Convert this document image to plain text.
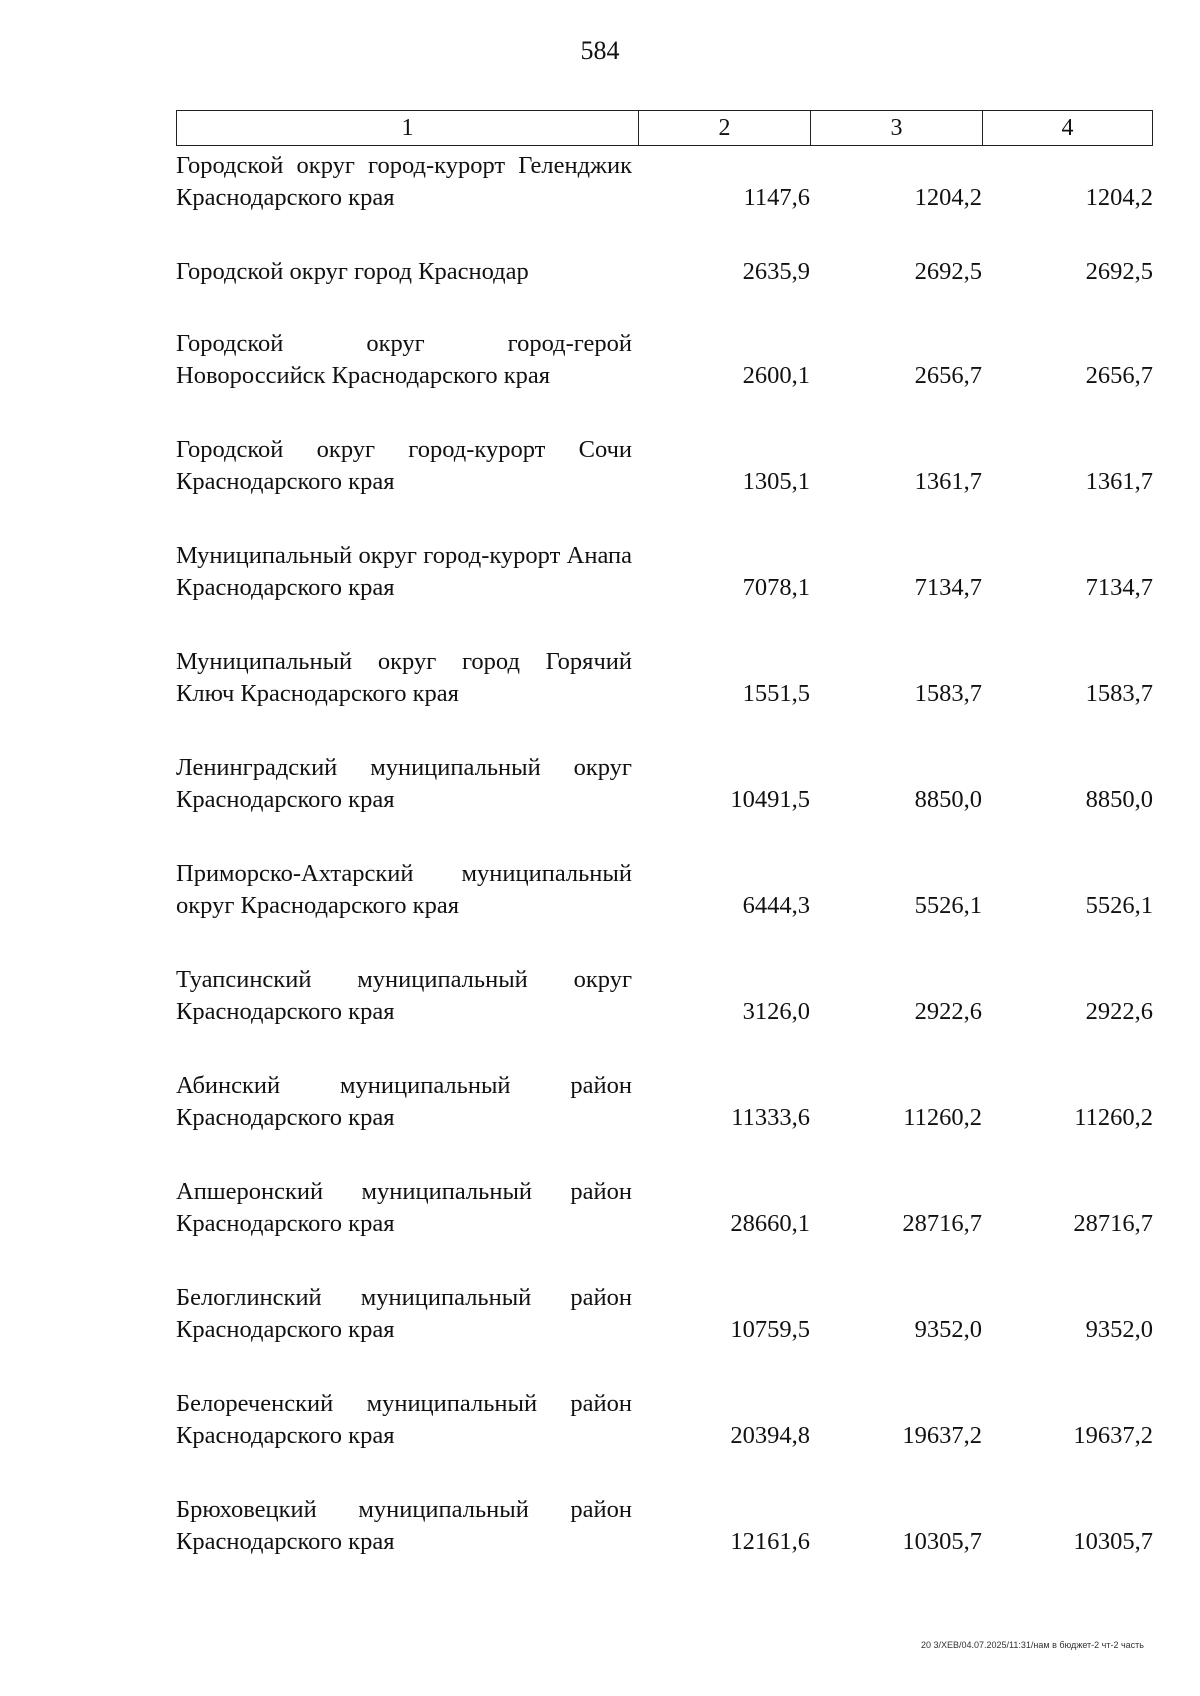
584
1	2	3	4
Городской округ город-курорт Геленджик Краснодарского края	1147,6	1204,2	1204,2
Городской округ город Краснодар	2635,9	2692,5	2692,5
Городской округ город-герой Новороссийск Краснодарского края	2600,1	2656,7	2656,7
Городской округ город-курорт Сочи Краснодарского края	1305,1	1361,7	1361,7
Муниципальный округ город-курорт Анапа Краснодарского края	7078,1	7134,7	7134,7
Муниципальный округ город Горячий Ключ Краснодарского края	1551,5	1583,7	1583,7
Ленинградский муниципальный округ Краснодарского края	10491,5	8850,0	8850,0
Приморско-Ахтарский муниципальный округ Краснодарского края	6444,3	5526,1	5526,1
Туапсинский муниципальный округ Краснодарского края	3126,0	2922,6	2922,6
Абинский муниципальный район Краснодарского края	11333,6	11260,2	11260,2
Апшеронский муниципальный район Краснодарского края	28660,1	28716,7	28716,7
Белоглинский муниципальный район Краснодарского края	10759,5	9352,0	9352,0
Белореченский муниципальный район Краснодарского края	20394,8	19637,2	19637,2
Брюховецкий муниципальный район Краснодарского края	12161,6	10305,7	10305,7
20 3/ХЕВ/04.07.2025/11:31/нам в бюджет-2 чт-2 часть
